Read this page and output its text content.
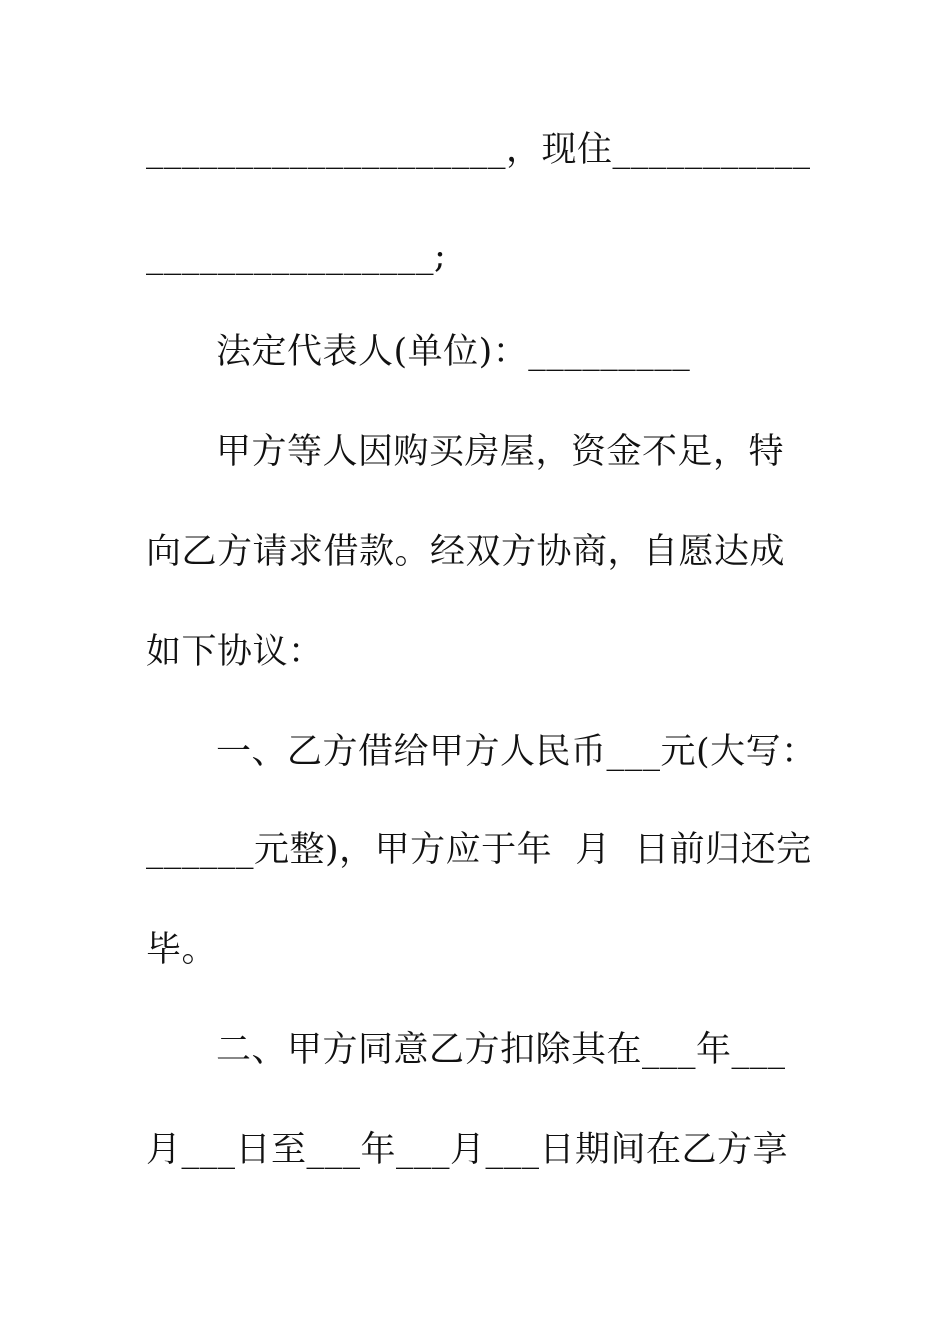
____________________，现住___________
________________;
法定代表人(单位)：_________
甲方等人因购买房屋，资金不足，特
向乙方请求借款。经双方协商，自愿达成
如下协议：
一、乙方借给甲方人民币___元(大写：
______元整)，甲方应于年  月  日前归还完
毕。
二、甲方同意乙方扣除其在___年___
月___日至___年___月___日期间在乙方享
